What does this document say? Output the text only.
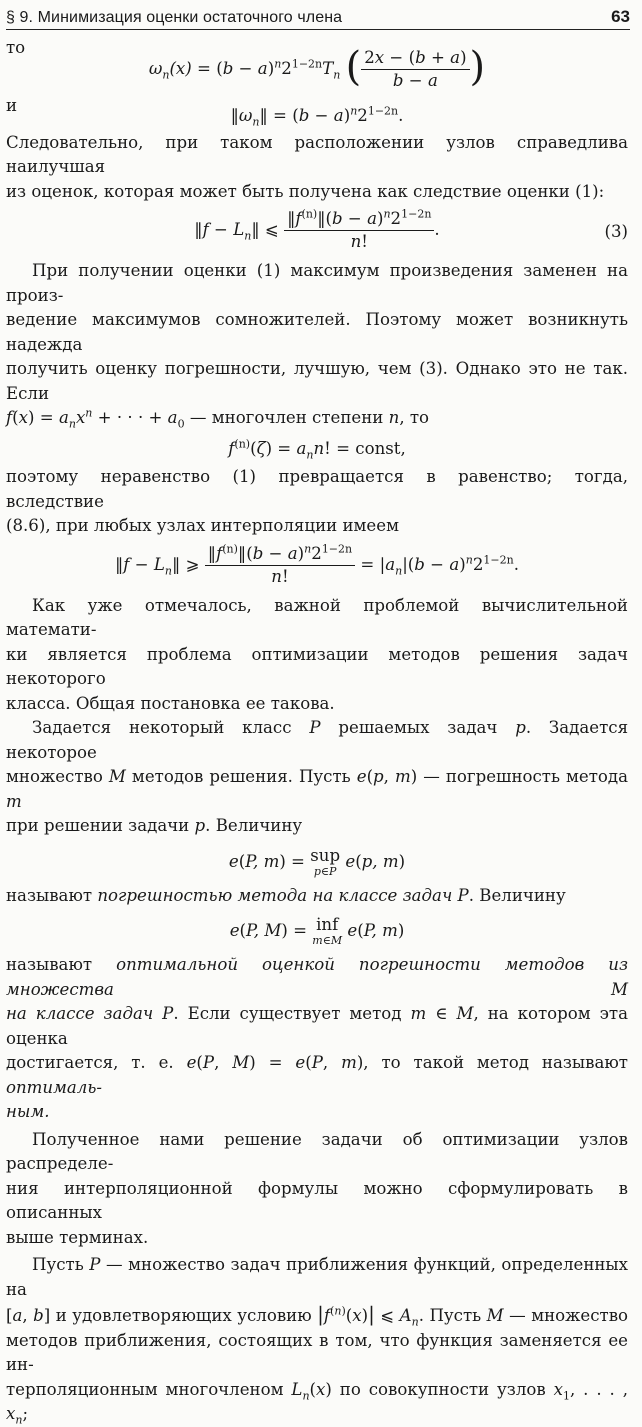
§ 9. Минимизация оценки остаточного члена	63

то

$\omega_n(x) = (b - a)^n2^{1-2n}T_n$ ( $\frac{2x - (b + a)}{b - a}$ )

и

$‖\omega_n‖ = (b - a)^n2^{1-2n}$.

Следовательно, при таком расположении узлов справедлива наилучшая

из оценок, которая может быть получена как следствие оценки (1):

‖f − $L_n‖$ ⩽ $\frac{‖f^{(n)}‖(b - a)^n2^{1-2n}}{n!}$ .	(3)

При получении оценки (1) максимум произведения заменен на произ-

ведение максимумов сомножителей. Поэтому может возникнуть надежда

получить оценку погрешности, лучшую, чем (3). Однако это не так. Если

$f(x) = a_nx^n$ + · · · + $a_0$ — многочлен степени n, то

$f^{(n)}(\zeta) = a_nn$! = const,

поэтому неравенство (1) превращается в равенство; тогда, вследствие

(8.6), при любых узлах интерполяции имеем

‖f − $L_n‖$ ⩾ $\frac{‖f^{(n)}‖(b - a)^n2^{1-2n}}{n!} = |a_n|(b - a)^n2^{1-2n}$.

Как уже отмечалось, важной проблемой вычислительной математи-

ки является проблема оптимизации методов решения задач некоторого

класса. Общая постановка ее такова.

Задается некоторый класс P решаемых задач p. Задается некоторое

множество M методов решения. Пусть e(p, m) — погрешность метода m

при решении задачи p. Величину

e(P, m) = sup
p∈P
e(p, m)

называют погрешностью метода на классе задач P. Величину

e(P, M) = inf
m∈M
e(P, m)

называют оптимальной оценкой погрешности методов из множества	M

на классе задач P. Если существует метод m ∈ M, на котором эта оценка

достигается, т. е. e(P, M) = e(P, m), то такой метод называют оптималь-

ным.

Полученное нами решение задачи об оптимизации узлов распределе-

ния интерполяционной формулы можно сформулировать в описанных

выше терминах.

Пусть P — множество задач приближения функций, определенных на

[a, b] и удовлетворяющих условию $|f^{(n)}(x)|$ ⩽ $A_n$. Пусть M — множество

методов приближения, состоящих в том, что функция заменяется ее ин-

терполяционным многочленом $L_n(x)$ по совокупности узлов $x_1$, . . . , $x_n$;
